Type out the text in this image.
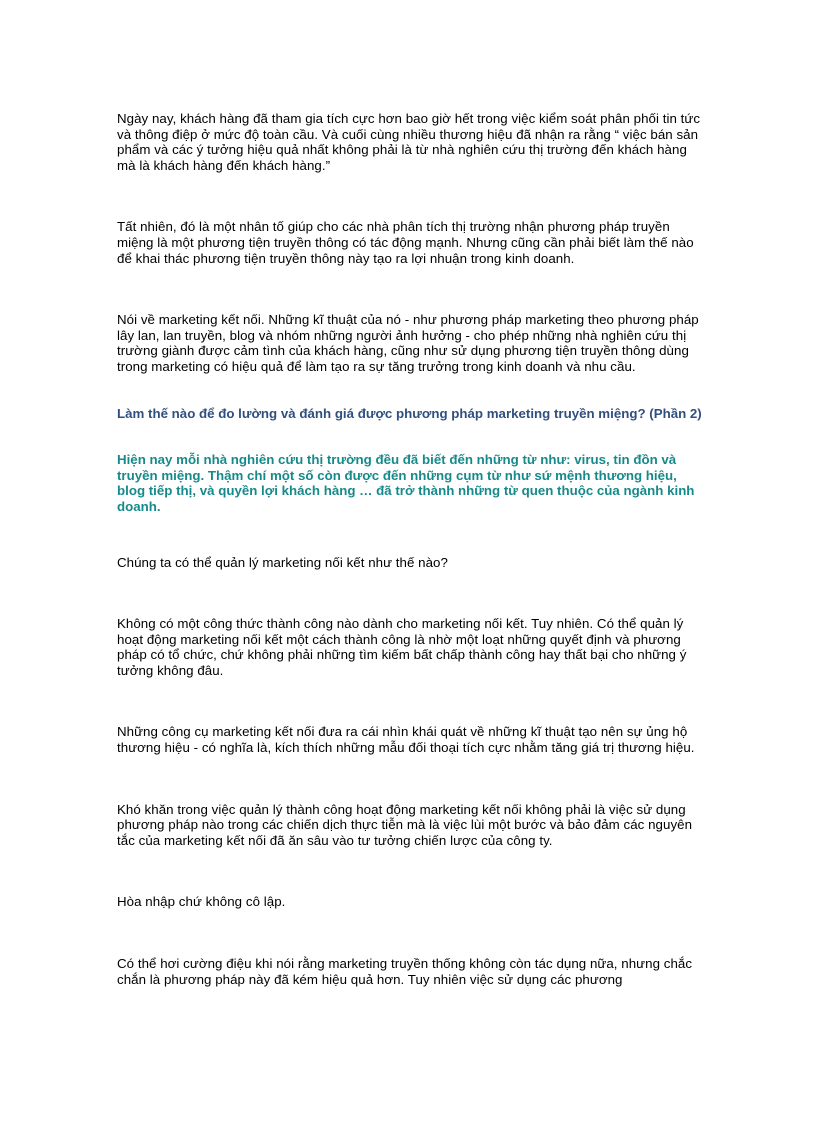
Ngày nay, khách hàng đã tham gia tích cực hơn bao giờ hết trong việc kiểm soát phân phối tin tức và thông điệp ở mức độ toàn cầu. Và cuối cùng nhiều thương hiệu đã nhận ra rằng “ việc bán sản phẩm và các ý tưởng hiệu quả nhất không phải là từ nhà nghiên cứu thị trường đến khách hàng mà là khách hàng đến khách hàng.”

Tất nhiên, đó là một nhân tố giúp cho các nhà phân tích thị trường nhận phương pháp truyền miệng là một phương tiện truyền thông có tác động mạnh. Nhưng cũng cần phải biết làm thế nào để khai thác phương tiện truyền thông này tạo ra lợi nhuận trong kinh doanh.

Nói về marketing kết nối. Những kĩ thuật của nó - như phương pháp marketing theo phương pháp lây lan, lan truyền, blog và nhóm những người ảnh hưởng - cho phép những nhà nghiên cứu thị trường giành được cảm tình của khách hàng, cũng như sử dụng phương tiện truyền thông dùng trong marketing có hiệu quả để làm tạo ra sự tăng trưởng trong kinh doanh và nhu cầu.

Làm thế nào để đo lường và đánh giá được phương pháp marketing truyền miệng? (Phần 2)

Hiện nay mỗi nhà nghiên cứu thị trường đều đã biết đến những từ như: virus, tin đồn và truyền miệng. Thậm chí một số còn được đến những cụm từ như sứ mệnh thương hiệu, blog tiếp thị, và quyền lợi khách hàng … đã trở thành những từ quen thuộc của ngành kinh doanh.

Chúng ta có thể quản lý marketing nối kết như thế nào?

Không có một công thức thành công nào dành cho marketing nối kết. Tuy nhiên. Có thể quản lý hoạt động marketing nối kết một cách thành công là nhờ một loạt những quyết định và phương pháp có tổ chức, chứ không phải những tìm kiếm bất chấp thành công hay thất bại cho những ý tưởng không đâu.

Những công cụ marketing kết nối đưa ra cái nhìn khái quát về những kĩ thuật tạo nên sự ủng hộ thương hiệu - có nghĩa là, kích thích những mẫu đối thoại tích cực nhằm tăng giá trị thương hiệu.

Khó khăn trong việc quản lý thành công hoạt động marketing kết nối không phải là việc sử dụng phương pháp nào trong các chiến dịch thực tiễn mà là việc lùi một bước và bảo đảm các nguyên tắc của marketing kết nối đã ăn sâu vào tư tưởng chiến lược của công ty.

Hòa nhập chứ không cô lập.

Có thể hơi cường điệu khi nói rằng marketing truyền thống không còn tác dụng nữa, nhưng chắc chắn là phương pháp này đã kém hiệu quả hơn. Tuy nhiên việc sử dụng các phương
